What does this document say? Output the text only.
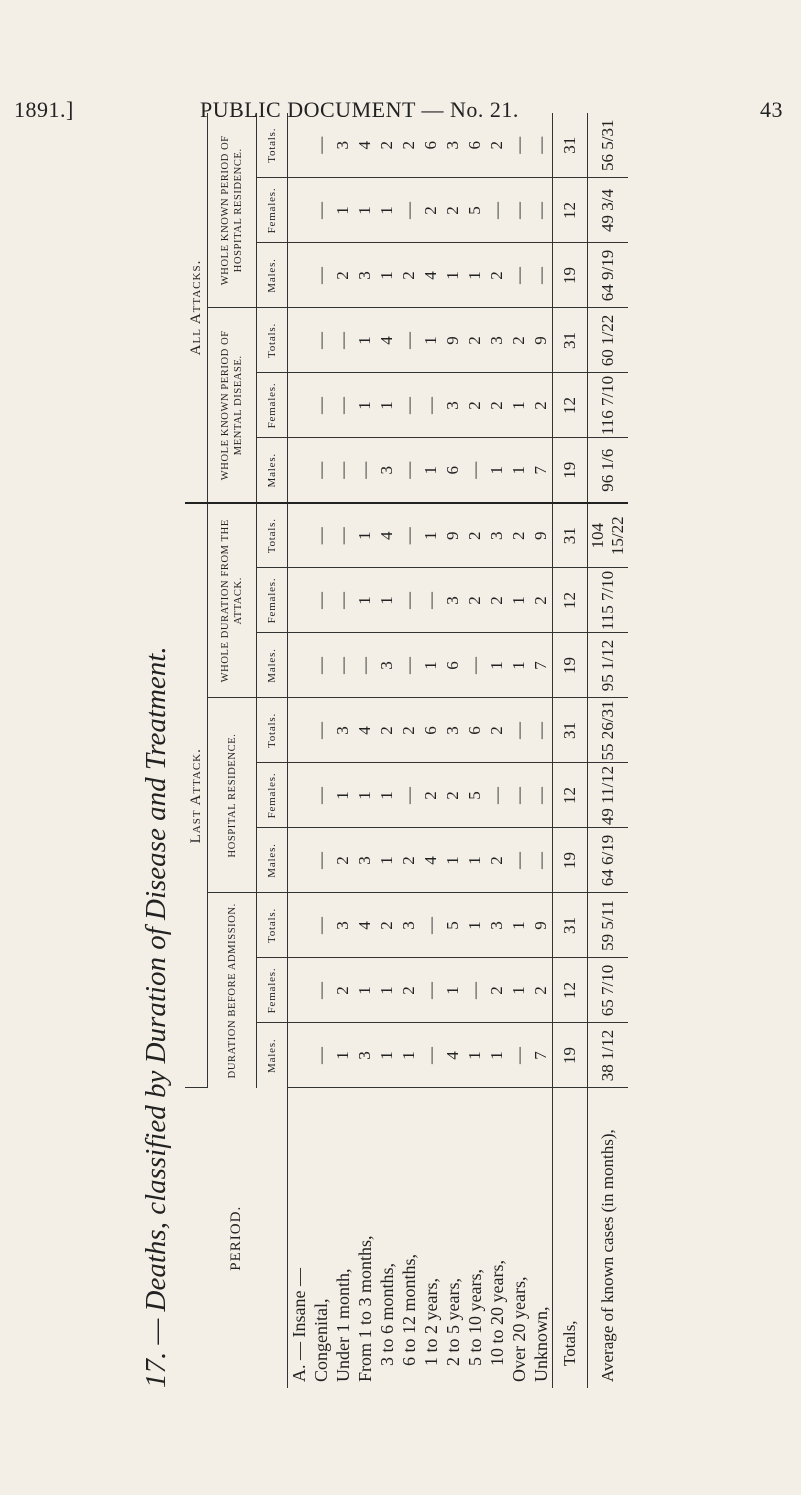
1891.]	PUBLIC DOCUMENT — No. 21.	43
17. — Deaths, classified by Duration of Disease and Treatment.	PERIOD.	Last Attack.									All Attacks.					
	DURATION BEFORE ADMISSION.			HOSPITAL RESIDENCE.			WHOLE DURATION FROM THE ATTACK.			WHOLE KNOWN PERIOD OF MENTAL DISEASE.			WHOLE KNOWN PERIOD OF HOSPITAL RESIDENCE.		
	Males.	Females.	Totals.	Males.	Females.	Totals.	Males.	Females.	Totals.	Males.	Females.	Totals.	Males.	Females.	Totals.
A. — Insane —															
Congenital,	—	—	—	—	—	—	—	—	—	—	—	—	—	—	—
Under 1 month,	1	2	3	2	1	3	—	—	—	—	—	—	2	1	3
From 1 to 3 months,	3	1	4	3	1	4	—	1	1	—	1	1	3	1	4
3 to 6 months,	1	1	2	1	1	2	3	1	4	3	1	4	1	1	2
6 to 12 months,	1	2	3	2	—	2	—	—	—	—	—	—	2	—	2
1 to 2 years,	—	—	—	4	2	6	1	—	1	1	—	1	4	2	6
2 to 5 years,	4	1	5	1	2	3	6	3	9	6	3	9	1	2	3
5 to 10 years,	1	—	1	1	5	6	—	2	2	—	2	2	1	5	6
10 to 20 years,	1	2	3	2	—	2	1	2	3	1	2	3	2	—	2
Over 20 years,	—	1	1	—	—	—	1	1	2	1	1	2	—	—	—
Unknown,	7	2	9	—	—	—	7	2	9	7	2	9	—	—	—
Totals,	19	12	31	19	12	31	19	12	31	19	12	31	19	12	31
Average of known cases (in months),	38 1/12	65 7/10	59 5/11	64 6/19	49 11/12	55 26/31	95 1/12	115 7/10	104 15/22	96 1/6	116 7/10	60 1/22	64 9/19	49 3/4	56 5/31
